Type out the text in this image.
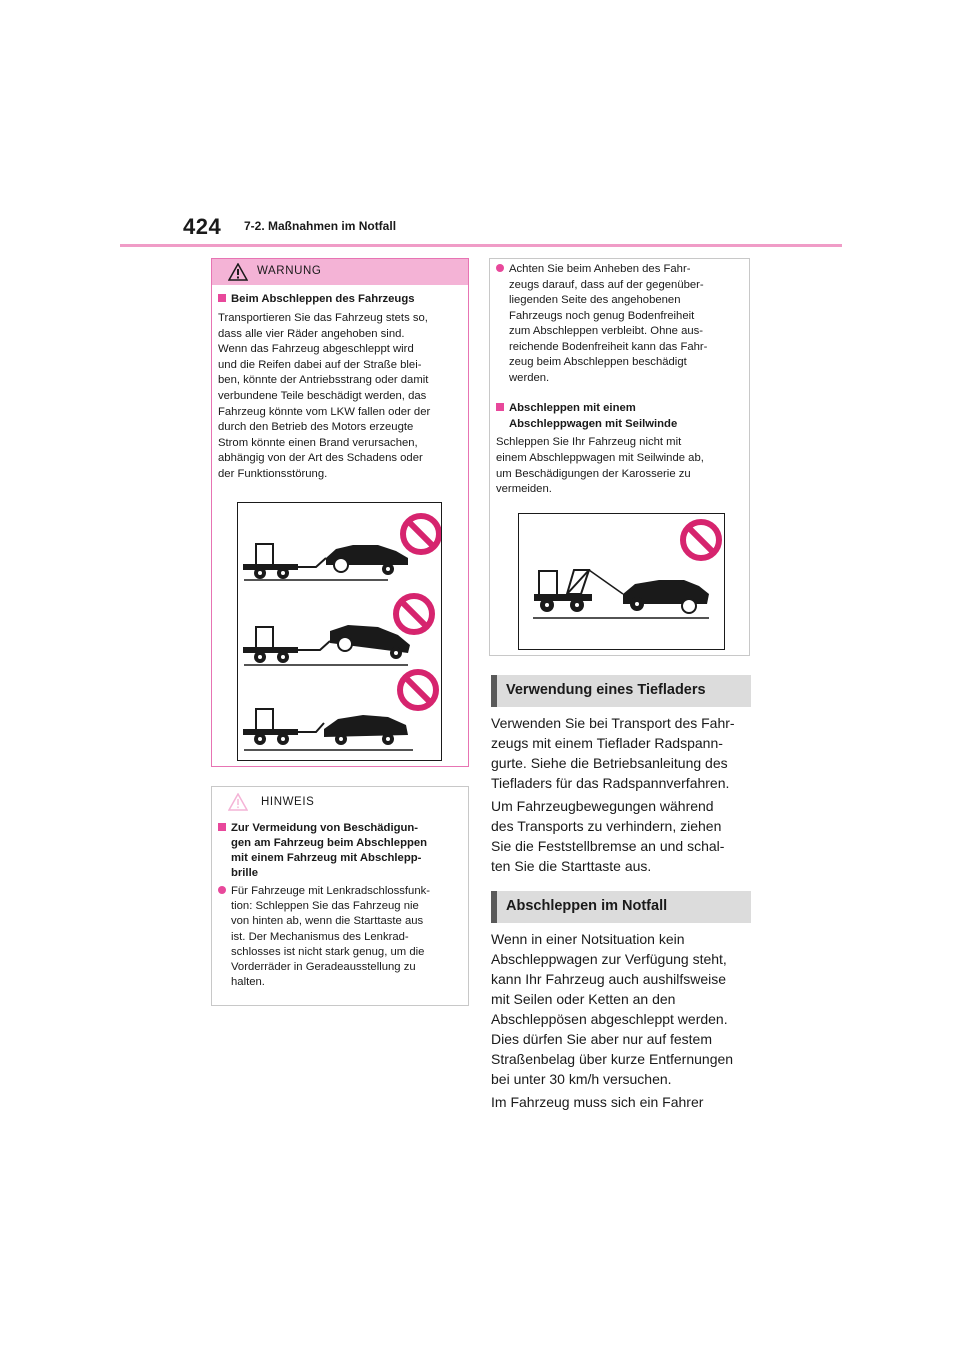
424 7-2. Maßnahmen im Notfall
WARNUNG
Beim Abschleppen des Fahrzeugs
Transportieren Sie das Fahrzeug stets so,
dass alle vier Räder angehoben sind.
Wenn das Fahrzeug abgeschleppt wird
und die Reifen dabei auf der Straße blei-
ben, könnte der Antriebsstrang oder damit
verbundene Teile beschädigt werden, das
Fahrzeug könnte vom LKW fallen oder der
durch den Betrieb des Motors erzeugte
Strom könnte einen Brand verursachen,
abhängig von der Art des Schadens oder
der Funktionsstörung.
HINWEIS
Zur Vermeidung von Beschädigun-
gen am Fahrzeug beim Abschleppen
mit einem Fahrzeug mit Abschlepp-
brille
Für Fahrzeuge mit Lenkradschlossfunk-
tion: Schleppen Sie das Fahrzeug nie
von hinten ab, wenn die Starttaste aus
ist. Der Mechanismus des Lenkrad-
schlosses ist nicht stark genug, um die
Vorderräder in Geradeausstellung zu
halten.
Achten Sie beim Anheben des Fahr-
zeugs darauf, dass auf der gegenüber-
liegenden Seite des angehobenen
Fahrzeugs noch genug Bodenfreiheit
zum Abschleppen verbleibt. Ohne aus-
reichende Bodenfreiheit kann das Fahr-
zeug beim Abschleppen beschädigt
werden.
Abschleppen mit einem
Abschleppwagen mit Seilwinde
Schleppen Sie Ihr Fahrzeug nicht mit
einem Abschleppwagen mit Seilwinde ab,
um Beschädigungen der Karosserie zu
vermeiden.
Verwendung eines Tiefladers
Verwenden Sie bei Transport des Fahr-
zeugs mit einem Tieflader Radspann-
gurte. Siehe die Betriebsanleitung des
Tiefladers für das Radspannverfahren.
Um Fahrzeugbewegungen während
des Transports zu verhindern, ziehen
Sie die Feststellbremse an und schal-
ten Sie die Starttaste aus.
Abschleppen im Notfall
Wenn in einer Notsituation kein
Abschleppwagen zur Verfügung steht,
kann Ihr Fahrzeug auch aushilfsweise
mit Seilen oder Ketten an den
Abschleppösen abgeschleppt werden.
Dies dürfen Sie aber nur auf festem
Straßenbelag über kurze Entfernungen
bei unter 30 km/h versuchen.
Im Fahrzeug muss sich ein Fahrer
